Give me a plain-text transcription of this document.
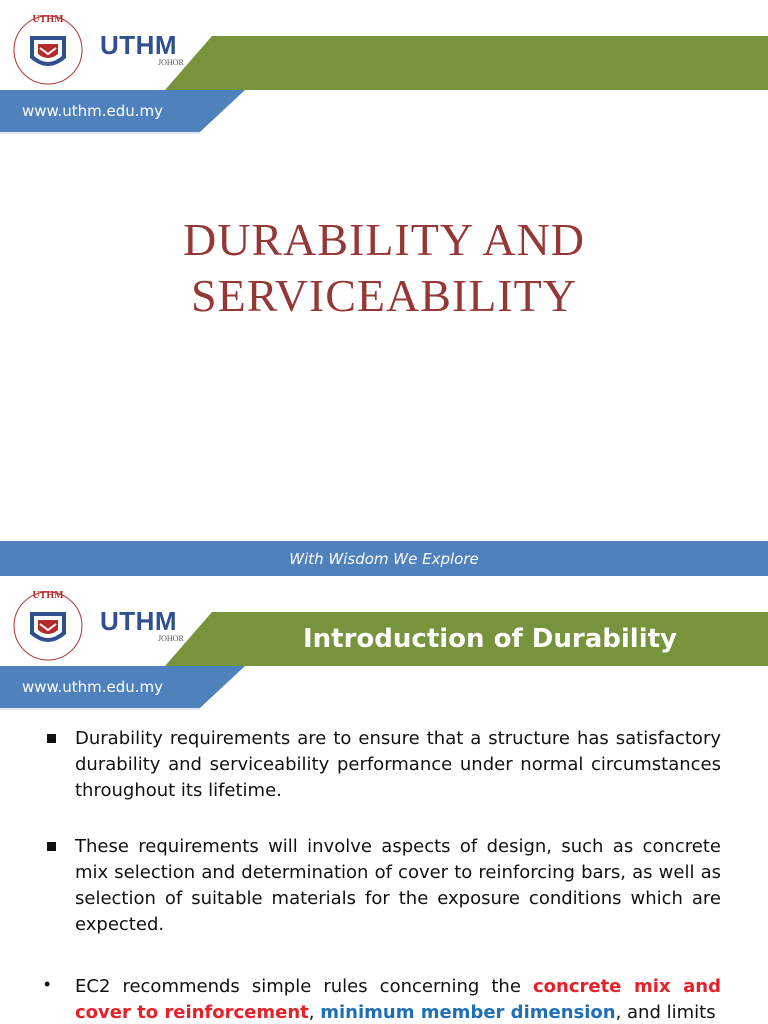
UTHM
UTHM
JOHOR
www.uthm.edu.my
DURABILITY AND
SERVICEABILITY
With Wisdom We Explore
UTHM
UTHM
JOHOR	Introduction of Durability
www.uthm.edu.my
Durability requirements are to ensure that a structure has satisfactory durability and serviceability performance under normal circumstances throughout its lifetime.
These requirements will involve aspects of design, such as concrete mix selection and determination of cover to reinforcing bars, as well as selection of suitable materials for the exposure conditions which are expected.
• EC2 recommends simple rules concerning the concrete mix and cover to reinforcement, minimum member dimension, and limits
